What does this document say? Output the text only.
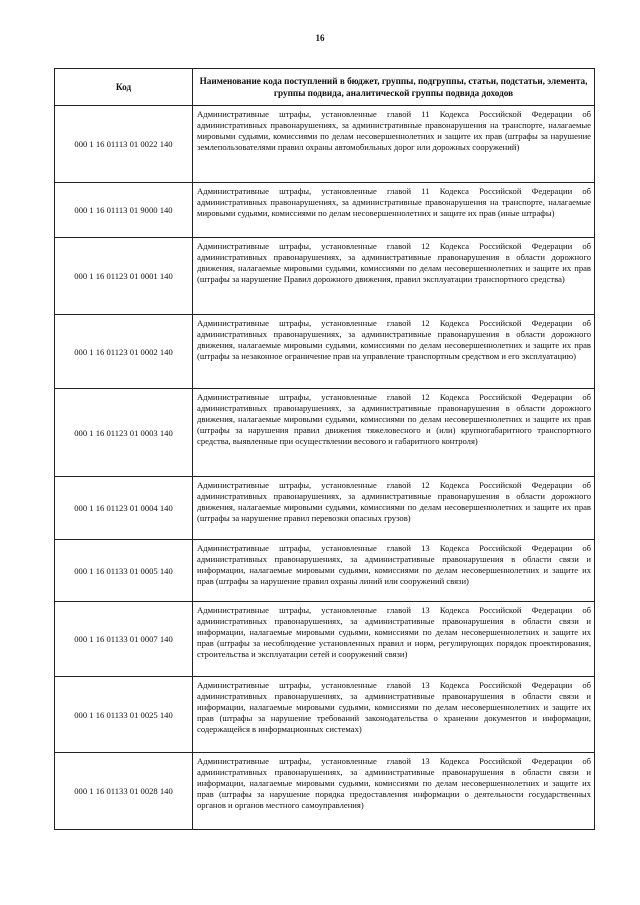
16
Код	Наименование кода поступлений в бюджет, группы, подгруппы, статьи, подстатьи, элемента, группы подвида, аналитической группы подвида доходов
000 1 16 01113 01 0022 140	Административные штрафы, установленные главой 11 Кодекса Российской Федерации об административных правонарушениях, за административные правонарушения на транспорте, налагаемые мировыми судьями, комиссиями по делам несовершеннолетних и защите их прав (штрафы за нарушение землепользователями правил охраны автомобильных дорог или дорожных сооружений)
000 1 16 01113 01 9000 140	Административные штрафы, установленные главой 11 Кодекса Российской Федерации об административных правонарушениях, за административные правонарушения на транспорте, налагаемые мировыми судьями, комиссиями по делам несовершеннолетних и защите их прав (иные штрафы)
000 1 16 01123 01 0001 140	Административные штрафы, установленные главой 12 Кодекса Российской Федерации об административных правонарушениях, за административные правонарушения в области дорожного движения, налагаемые мировыми судьями, комиссиями по делам несовершеннолетних и защите их прав (штрафы за нарушение Правил дорожного движения, правил эксплуатации транспортного средства)
000 1 16 01123 01 0002 140	Административные штрафы, установленные главой 12 Кодекса Российской Федерации об административных правонарушениях, за административные правонарушения в области дорожного движения, налагаемые мировыми судьями, комиссиями по делам несовершеннолетних и защите их прав (штрафы за незаконное ограничение прав на управление транспортным средством и его эксплуатацию)
000 1 16 01123 01 0003 140	Административные штрафы, установленные главой 12 Кодекса Российской Федерации об административных правонарушениях, за административные правонарушения в области дорожного движения, налагаемые мировыми судьями, комиссиями по делам несовершеннолетних и защите их прав (штрафы за нарушения правил движения тяжеловесного и (или) крупногабаритного транспортного средства, выявленные при осуществлении весового и габаритного контроля)
000 1 16 01123 01 0004 140	Административные штрафы, установленные главой 12 Кодекса Российской Федерации об административных правонарушениях, за административные правонарушения в области дорожного движения, налагаемые мировыми судьями, комиссиями по делам несовершеннолетних и защите их прав (штрафы за нарушение правил перевозки опасных грузов)
000 1 16 01133 01 0005 140	Административные штрафы, установленные главой 13 Кодекса Российской Федерации об административных правонарушениях, за административные правонарушения в области связи и информации, налагаемые мировыми судьями, комиссиями по делам несовершеннолетних и защите их прав (штрафы за нарушение правил охраны линий или сооружений связи)
000 1 16 01133 01 0007 140	Административные штрафы, установленные главой 13 Кодекса Российской Федерации об административных правонарушениях, за административные правонарушения в области связи и информации, налагаемые мировыми судьями, комиссиями по делам несовершеннолетних и защите их прав (штрафы за несоблюдение установленных правил и норм, регулирующих порядок проектирования, строительства и эксплуатации сетей и сооружений связи)
000 1 16 01133 01 0025 140	Административные штрафы, установленные главой 13 Кодекса Российской Федерации об административных правонарушениях, за административные правонарушения в области связи и информации, налагаемые мировыми судьями, комиссиями по делам несовершеннолетних и защите их прав (штрафы за нарушение требований законодательства о хранении документов и информации, содержащейся в информационных системах)
000 1 16 01133 01 0028 140	Административные штрафы, установленные главой 13 Кодекса Российской Федерации об административных правонарушениях, за административные правонарушения в области связи и информации, налагаемые мировыми судьями, комиссиями по делам несовершеннолетних и защите их прав (штрафы за нарушение порядка предоставления информации о деятельности государственных органов и органов местного самоуправления)
